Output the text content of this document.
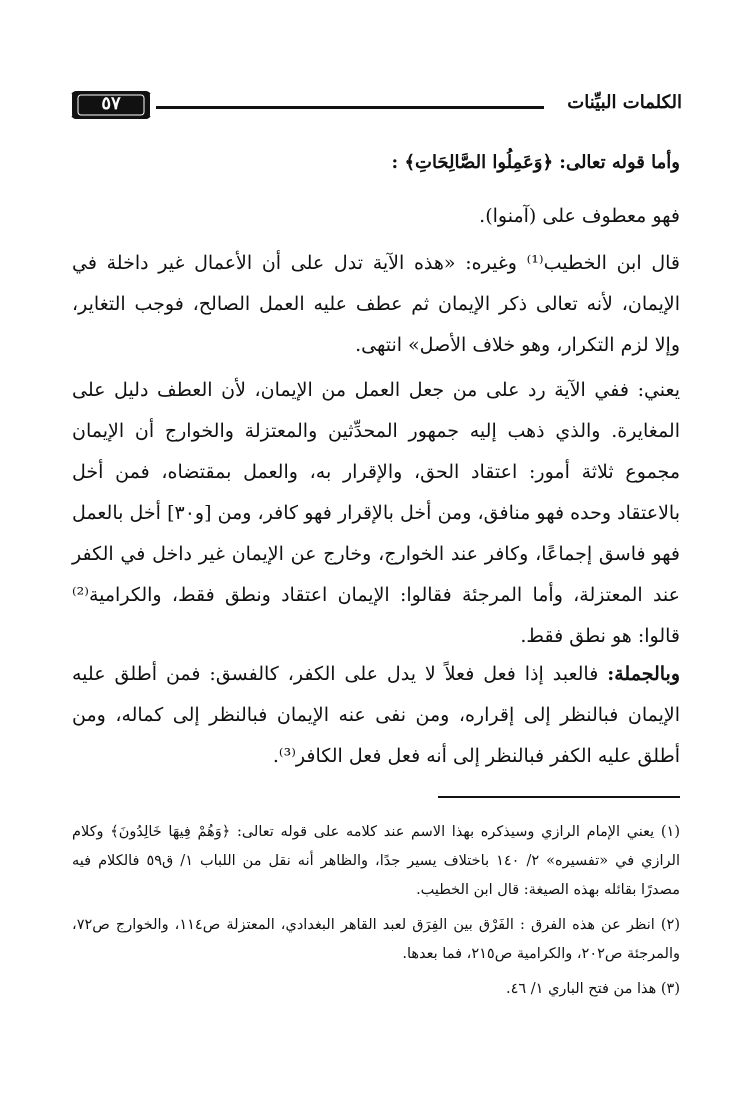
٥٧	الكلمات البيِّنات
وأما قوله تعالى: ﴿وَعَمِلُوا الصَّالِحَاتِ﴾ :
فهو معطوف على (آمنوا).
قال ابن الخطيب⁽¹⁾ وغيره: «هذه الآية تدل على أن الأعمال غير داخلة في الإيمان، لأنه تعالى ذكر الإيمان ثم عطف عليه العمل الصالح، فوجب التغاير، وإلا لزم التكرار، وهو خلاف الأصل» انتهى.
يعني: ففي الآية رد على من جعل العمل من الإيمان، لأن العطف دليل على المغايرة. والذي ذهب إليه جمهور المحدِّثين والمعتزلة والخوارج أن الإيمان مجموع ثلاثة أمور: اعتقاد الحق، والإقرار به، والعمل بمقتضاه، فمن أخل بالاعتقاد وحده فهو منافق، ومن أخل بالإقرار فهو كافر، ومن [و٣٠] أخل بالعمل فهو فاسق إجماعًا، وكافر عند الخوارج، وخارج عن الإيمان غير داخل في الكفر عند المعتزلة، وأما المرجئة فقالوا: الإيمان اعتقاد ونطق فقط، والكرامية⁽²⁾ قالوا: هو نطق فقط.
وبالجملة: فالعبد إذا فعل فعلاً لا يدل على الكفر، كالفسق: فمن أطلق عليه الإيمان فبالنظر إلى إقراره، ومن نفى عنه الإيمان فبالنظر إلى كماله، ومن أطلق عليه الكفر فبالنظر إلى أنه فعل فعل الكافر⁽³⁾.
(١) يعني الإمام الرازي وسيذكره بهذا الاسم عند كلامه على قوله تعالى: ﴿وَهُمْ فِيهَا خَالِدُونَ﴾ وكلام الرازي في «تفسيره» ٢/ ١٤٠ باختلاف يسير جدًا، والظاهر أنه نقل من اللباب ١/ ق٥٩ فالكلام فيه مصدرًا بقائله بهذه الصيغة: قال ابن الخطيب.
(٢) انظر عن هذه الفرق : الفَرْق بين الفِرَق لعبد القاهر البغدادي، المعتزلة ص١١٤، والخوارج ص٧٢، والمرجئة ص٢٠٢، والكرامية ص٢١٥، فما بعدها.
(٣) هذا من فتح الباري ١/ ٤٦.
